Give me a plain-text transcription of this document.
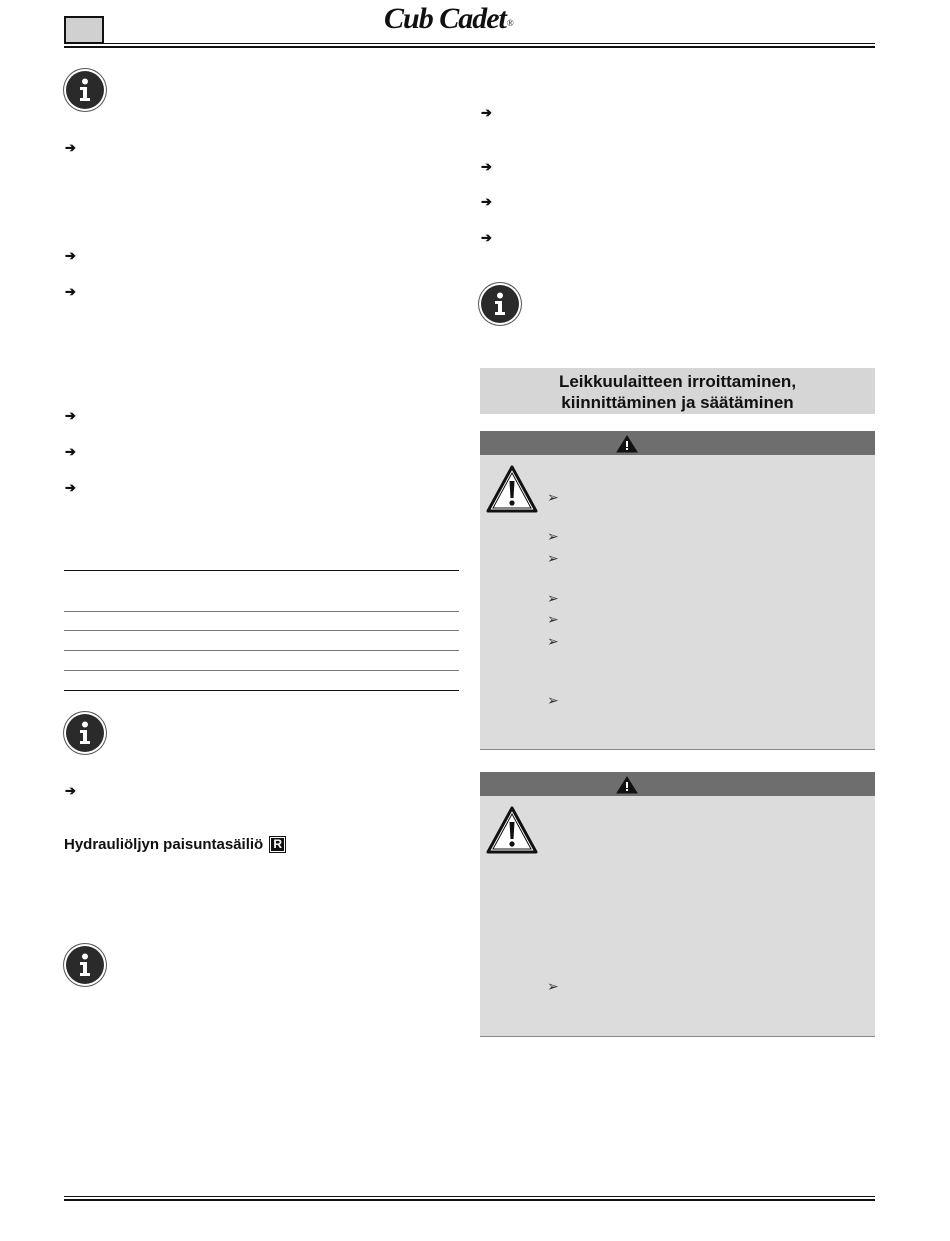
Cub Cadet®
➔
➔
➔
➔
➔
➔
➔
Hydrauliöljyn paisuntasäiliö R
➔
➔
➔
➔
Leikkuulaitteen irroittaminen,
kiinnittäminen ja säätäminen
➢
➢
➢
➢
➢
➢
➢
➢
